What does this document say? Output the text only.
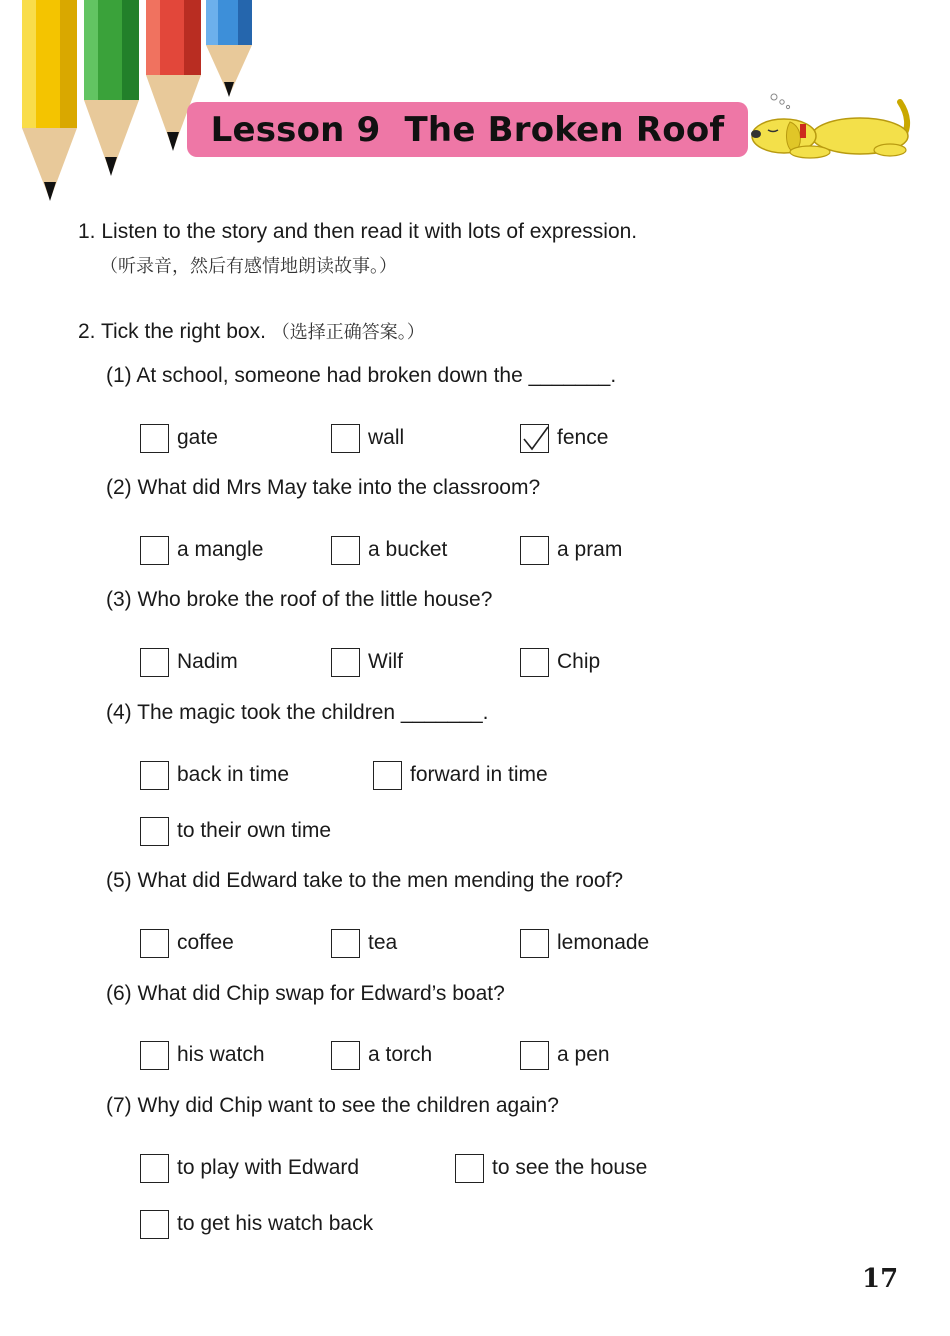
Lesson 9  The Broken Roof
1. Listen to the story and then read it with lots of expression.
（听录音，然后有感情地朗读故事。）
2. Tick the right box. （选择正确答案。）
(1) At school, someone had broken down the _______.
gate	wall	fence
(2) What did Mrs May take into the classroom?
a mangle	a bucket	a pram
(3) Who broke the roof of the little house?
Nadim	Wilf	Chip
(4) The magic took the children _______.
back in time	forward in time
to their own time
(5) What did Edward take to the men mending the roof?
coffee	tea	lemonade
(6) What did Chip swap for Edward’s boat?
his watch	a torch	a pen
(7) Why did Chip want to see the children again?
to play with Edward	to see the house
to get his watch back
17
